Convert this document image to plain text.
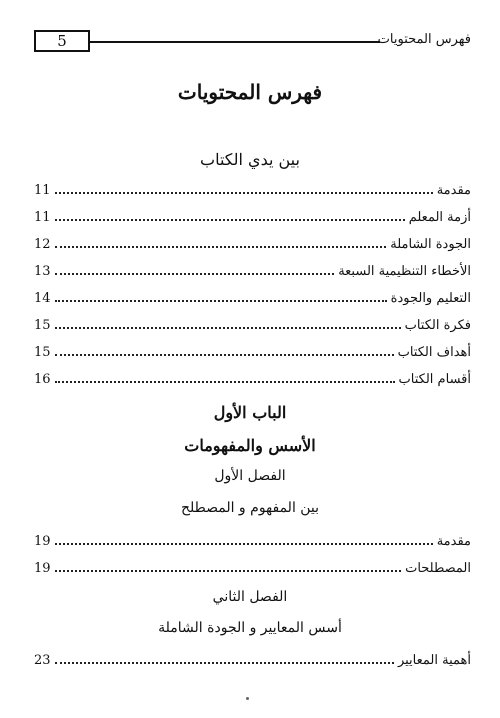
5	فهرس المحتويات
فهرس المحتويات
بين يدي الكتاب
مقدمة
11
أزمة المعلم
11
الجودة الشاملة
12
الأخطاء التنظيمية السبعة
13
التعليم والجودة
14
فكرة الكتاب
15
أهداف الكتاب
15
أقسام الكتاب
16
الباب الأول
الأسس والمفهومات
الفصل الأول
بين المفهوم و المصطلح
مقدمة
19
المصطلحات
19
الفصل الثاني
أسس المعايير و الجودة الشاملة
أهمية المعايير
23
